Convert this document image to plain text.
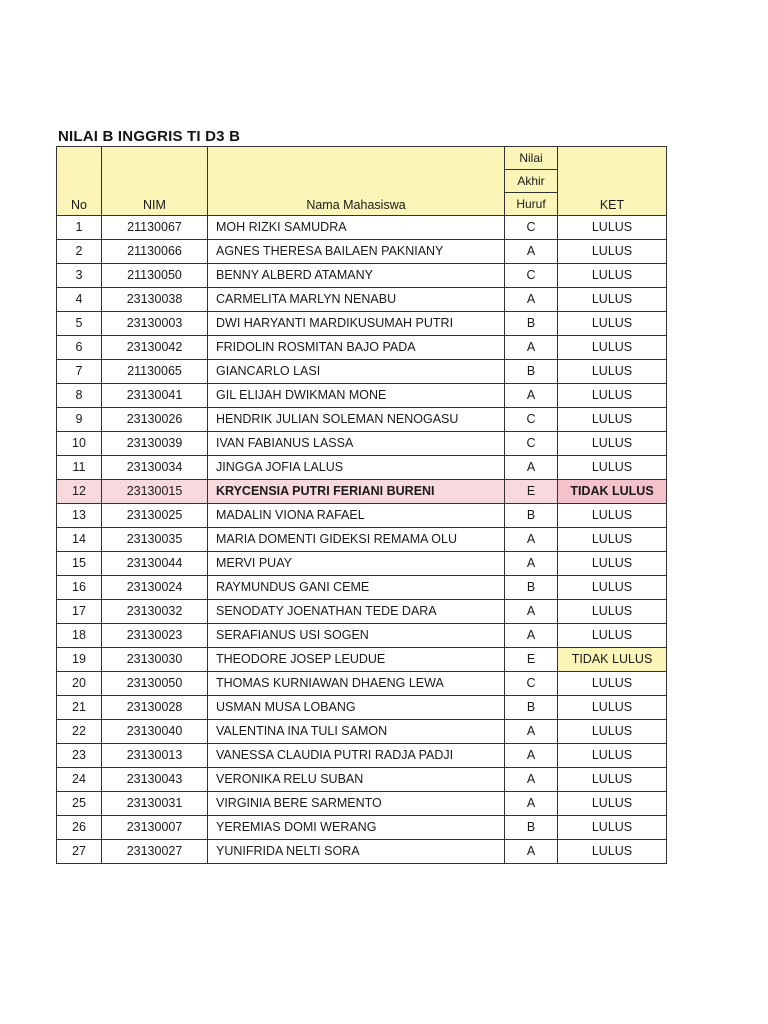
NILAI B INGGRIS TI D3 B
No	NIM	Nama Mahasiswa	Nilai	KET
			Akhir	
			Huruf	
1	21130067	MOH RIZKI SAMUDRA	C	LULUS
2	21130066	AGNES THERESA BAILAEN PAKNIANY	A	LULUS
3	21130050	BENNY ALBERD ATAMANY	C	LULUS
4	23130038	CARMELITA MARLYN NENABU	A	LULUS
5	23130003	DWI HARYANTI MARDIKUSUMAH PUTRI	B	LULUS
6	23130042	FRIDOLIN ROSMITAN BAJO PADA	A	LULUS
7	21130065	GIANCARLO LASI	B	LULUS
8	23130041	GIL ELIJAH DWIKMAN MONE	A	LULUS
9	23130026	HENDRIK JULIAN SOLEMAN NENOGASU	C	LULUS
10	23130039	IVAN FABIANUS LASSA	C	LULUS
11	23130034	JINGGA JOFIA LALUS	A	LULUS
12	23130015	KRYCENSIA PUTRI FERIANI BURENI	E	TIDAK LULUS
13	23130025	MADALIN VIONA RAFAEL	B	LULUS
14	23130035	MARIA DOMENTI GIDEKSI REMAMA OLU	A	LULUS
15	23130044	MERVI PUAY	A	LULUS
16	23130024	RAYMUNDUS GANI CEME	B	LULUS
17	23130032	SENODATY JOENATHAN TEDE DARA	A	LULUS
18	23130023	SERAFIANUS USI SOGEN	A	LULUS
19	23130030	THEODORE JOSEP LEUDUE	E	TIDAK LULUS
20	23130050	THOMAS KURNIAWAN DHAENG LEWA	C	LULUS
21	23130028	USMAN MUSA LOBANG	B	LULUS
22	23130040	VALENTINA INA TULI SAMON	A	LULUS
23	23130013	VANESSA CLAUDIA PUTRI RADJA PADJI	A	LULUS
24	23130043	VERONIKA RELU SUBAN	A	LULUS
25	23130031	VIRGINIA BERE SARMENTO	A	LULUS
26	23130007	YEREMIAS DOMI WERANG	B	LULUS
27	23130027	YUNIFRIDA NELTI SORA	A	LULUS
